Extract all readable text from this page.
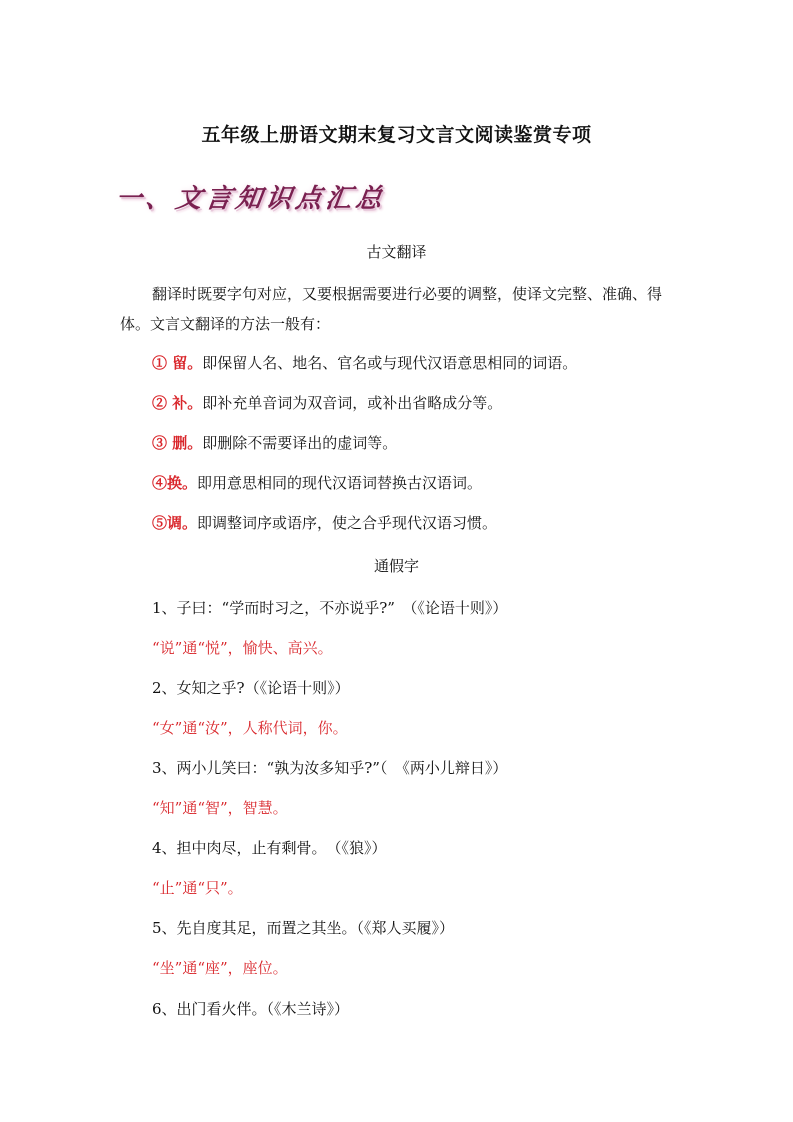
五年级上册语文期末复习文言文阅读鉴赏专项
一、文言知识点汇总
古文翻译
翻译时既要字句对应，又要根据需要进行必要的调整，使译文完整、准确、得体。文言文翻译的方法一般有：
① 留。即保留人名、地名、官名或与现代汉语意思相同的词语。
② 补。即补充单音词为双音词，或补出省略成分等。
③ 删。即删除不需要译出的虚词等。
④换。即用意思相同的现代汉语词替换古汉语词。
⑤调。即调整词序或语序，使之合乎现代汉语习惯。
通假字
1、子曰：“学而时习之，不亦说乎?”　（《论语十则》）
“说”通“悦”，愉快、高兴。
2、女知之乎?（《论语十则》）
“女”通“汝”，人称代词，你。
3、两小儿笑曰：“孰为汝多知乎?”（　《两小儿辩日》）
“知”通“智”，智慧。
4、担中肉尽，止有剩骨。　（《狼》）
“止”通“只”。
5、先自度其足，而置之其坐。（《郑人买履》）
“坐”通“座”，座位。
6、出门看火伴。（《木兰诗》）
